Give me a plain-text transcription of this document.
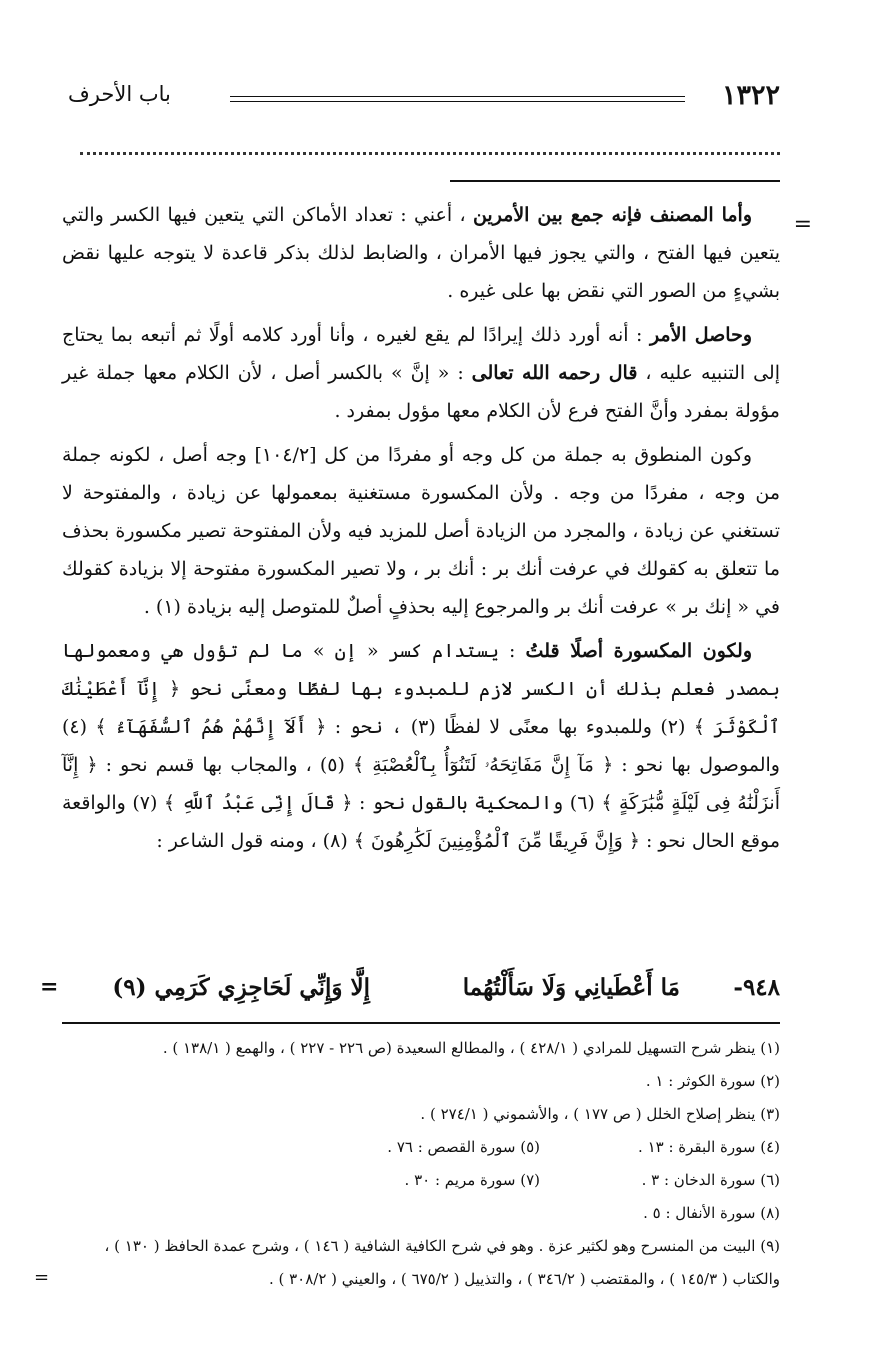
١٣٢٢
باب الأحرف
=

وأما المصنف فإنه جمع بين الأمرين ، أعني : تعداد الأماكن التي يتعين فيها الكسر والتي يتعين فيها الفتح ، والتي يجوز فيها الأمران ، والضابط لذلك بذكر قاعدة لا يتوجه عليها نقض بشيءٍ من الصور التي نقض بها على غيره .

وحاصل الأمر : أنه أورد ذلك إيرادًا لم يقع لغيره ، وأنا أورد كلامه أولًا ثم أتبعه بما يحتاج إلى التنبيه عليه ، قال رحمه الله تعالى : « إنَّ » بالكسر أصل ، لأن الكلام معها جملة غير مؤولة بمفرد وأنَّ الفتح فرع لأن الكلام معها مؤول بمفرد .

وكون المنطوق به جملة من كل وجه أو مفردًا من كل [١٠٤/٢] وجه أصل ، لكونه جملة من وجه ، مفردًا من وجه . ولأن المكسورة مستغنية بمعمولها عن زيادة ، والمفتوحة لا تستغني عن زيادة ، والمجرد من الزيادة أصل للمزيد فيه ولأن المفتوحة تصير مكسورة بحذف ما تتعلق به كقولك في عرفت أنك بر : أنك بر ، ولا تصير المكسورة مفتوحة إلا بزيادة كقولك في « إنك بر » عرفت أنك بر والمرجوع إليه بحذفٍ أصلٌ للمتوصل إليه بزيادة (١) .

ولكون المكسورة أصلًا قلتُ : يستدام كسر « إن » ما لم تؤول هي ومعمولها بمصدر فعلم بذلك أن الكسر لازم للمبدوء بها لفظًا ومعنًى نحو ﴿ إِنَّآ أَعْطَيْنَٰكَ ٱلْكَوْثَرَ ﴾ (٢) وللمبدوء بها معنًى لا لفظًا (٣) ، نحو : ﴿ أَلَآ إِنَّهُمْ هُمُ ٱلسُّفَهَآءُ ﴾ (٤) والموصول بها نحو : ﴿ مَآ إِنَّ مَفَاتِحَهُۥ لَتَنُوٓأُ بِٱلْعُصْبَةِ ﴾ (٥) ، والمجاب بها قسم نحو : ﴿ إِنَّآ أَنزَلْنَٰهُ فِى لَيْلَةٍ مُّبَٰرَكَةٍ ﴾ (٦) والمحكية بالقول نحو : ﴿ قَالَ إِنِّى عَبْدُ ٱللَّهِ ﴾ (٧) والواقعة موقع الحال نحو : ﴿ وَإِنَّ فَرِيقًا مِّنَ ٱلْمُؤْمِنِينَ لَكَٰرِهُونَ ﴾ (٨) ، ومنه قول الشاعر :

٩٤٨-
مَا أَعْطَيانِي وَلَا سَأَلْتُهُما
إِلَّا وَإِنِّي لَحَاجِزِي كَرَمِي (٩)
=

(١) ينظر شرح التسهيل للمرادي ( ٤٢٨/١ ) ، والمطالع السعيدة (ص ٢٢٦ - ٢٢٧ ) ، والهمع ( ١٣٨/١ ) .

(٢) سورة الكوثر : ١ .

(٣) ينظر إصلاح الخلل ( ص ١٧٧ ) ، والأشموني ( ٢٧٤/١ ) .

(٤) سورة البقرة : ١٣ .

(٥) سورة القصص : ٧٦ .

(٦) سورة الدخان : ٣ .

(٧) سورة مريم : ٣٠ .

(٨) سورة الأنفال : ٥ .

(٩) البيت من المنسرح وهو لكثير عزة . وهو في شرح الكافية الشافية ( ١٤٦ ) ، وشرح عمدة الحافظ ( ١٣٠ ) ، والكتاب ( ١٤٥/٣ ) ، والمقتضب ( ٣٤٦/٢ ) ، والتذييل ( ٦٧٥/٢ ) ، والعيني ( ٣٠٨/٢ ) .

=
